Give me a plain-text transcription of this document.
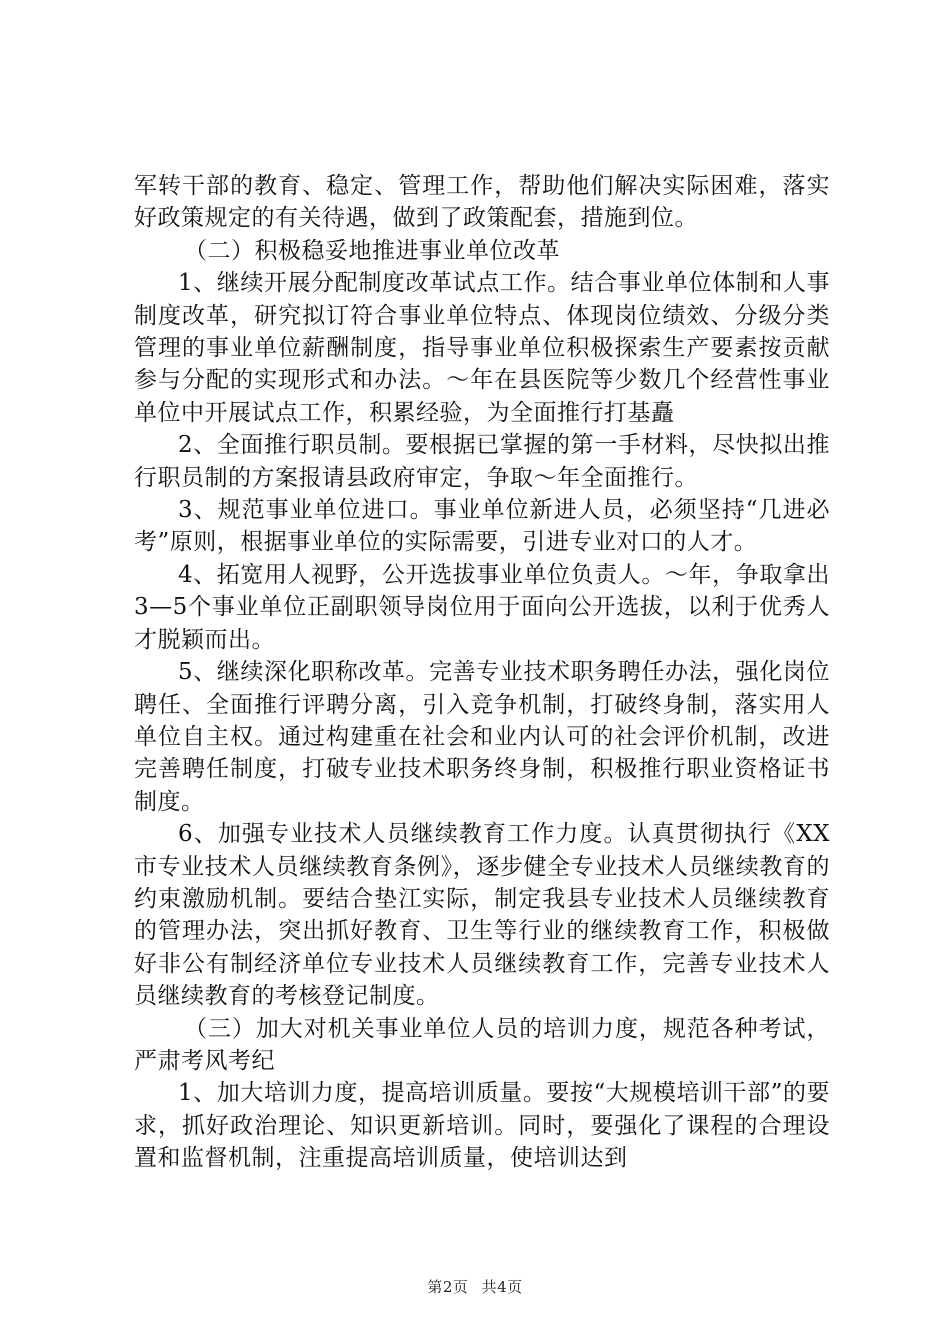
军转干部的教育、稳定、管理工作，帮助他们解决实际困难，落实好政策规定的有关待遇，做到了政策配套，措施到位。

（二）积极稳妥地推进事业单位改革

1、继续开展分配制度改革试点工作。结合事业单位体制和人事制度改革，研究拟订符合事业单位特点、体现岗位绩效、分级分类管理的事业单位薪酬制度，指导事业单位积极探索生产要素按贡献参与分配的实现形式和办法。～年在县医院等少数几个经营性事业单位中开展试点工作，积累经验，为全面推行打基矗

2、全面推行职员制。要根据已掌握的第一手材料，尽快拟出推行职员制的方案报请县政府审定，争取～年全面推行。

3、规范事业单位进口。事业单位新进人员，必须坚持“几进必考”原则，根据事业单位的实际需要，引进专业对口的人才。

4、拓宽用人视野，公开选拔事业单位负责人。～年，争取拿出3—5个事业单位正副职领导岗位用于面向公开选拔，以利于优秀人才脱颖而出。

5、继续深化职称改革。完善专业技术职务聘任办法，强化岗位聘任、全面推行评聘分离，引入竞争机制，打破终身制，落实用人单位自主权。通过构建重在社会和业内认可的社会评价机制，改进完善聘任制度，打破专业技术职务终身制，积极推行职业资格证书制度。

6、加强专业技术人员继续教育工作力度。认真贯彻执行《XX市专业技术人员继续教育条例》，逐步健全专业技术人员继续教育的约束激励机制。要结合垫江实际，制定我县专业技术人员继续教育的管理办法，突出抓好教育、卫生等行业的继续教育工作，积极做好非公有制经济单位专业技术人员继续教育工作，完善专业技术人员继续教育的考核登记制度。

（三）加大对机关事业单位人员的培训力度，规范各种考试，严肃考风考纪

1、加大培训力度，提高培训质量。要按“大规模培训干部”的要求，抓好政治理论、知识更新培训。同时，要强化了课程的合理设置和监督机制，注重提高培训质量，使培训达到

第2页 共4页
